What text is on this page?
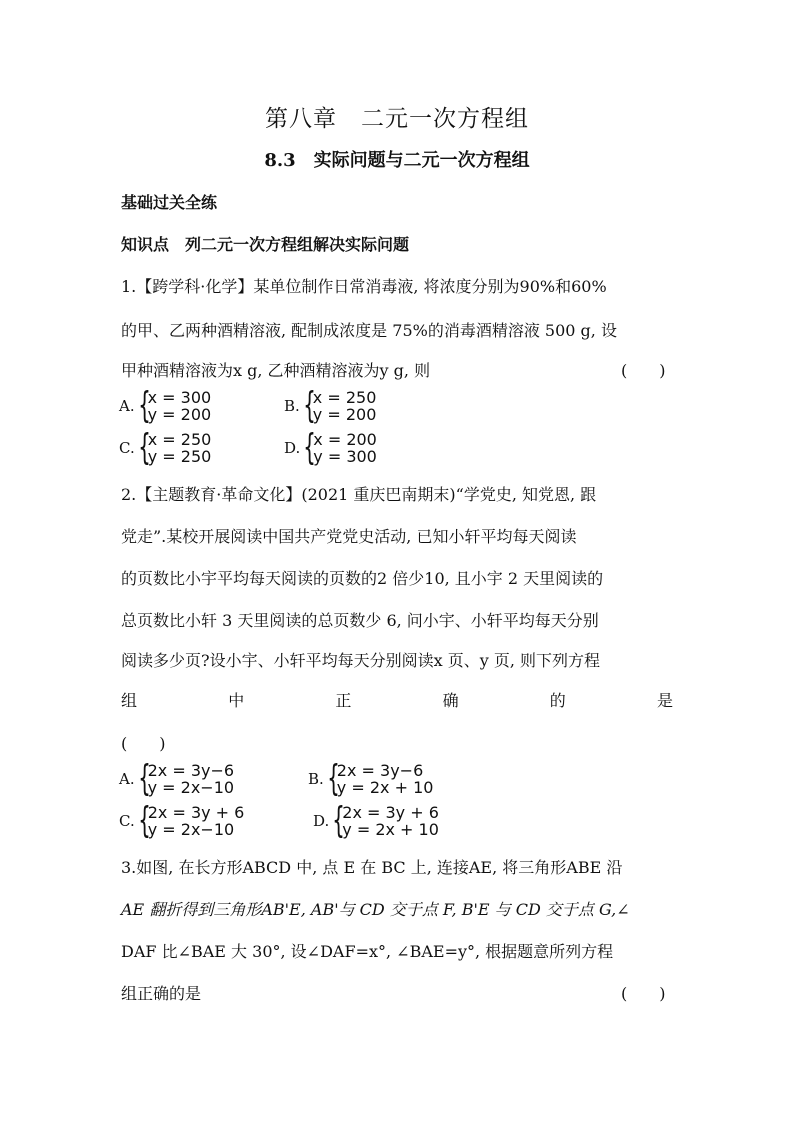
第八章　二元一次方程组
8.3　实际问题与二元一次方程组
基础过关全练
知识点　列二元一次方程组解决实际问题
1.【跨学科·化学】某单位制作日常消毒液, 将浓度分别为90%和60%
的甲、乙两种酒精溶液, 配制成浓度是 75%的消毒酒精溶液 500 g, 设
甲种酒精溶液为x g, 乙种酒精溶液为y g, 则	(　　)
A. {
x = 300
y = 200	B. {
x = 250
y = 200
C. {
x = 250
y = 250	D. {
x = 200
y = 300
2.【主题教育·革命文化】(2021 重庆巴南期末)“学党史, 知党恩, 跟
党走”.某校开展阅读中国共产党党史活动, 已知小轩平均每天阅读
的页数比小宇平均每天阅读的页数的2 倍少10, 且小宇 2 天里阅读的
总页数比小轩 3 天里阅读的总页数少 6, 问小宇、小轩平均每天分别
阅读多少页?设小宇、小轩平均每天分别阅读x 页、y 页, 则下列方程
组	中	正	确	的	是
(　　)
A. {
2x = 3y−6
y = 2x−10	B. {
2x = 3y−6
y = 2x + 10
C. {
2x = 3y + 6
y = 2x−10	D. {
2x = 3y + 6
y = 2x + 10
3.如图, 在长方形ABCD 中, 点 E 在 BC 上, 连接AE, 将三角形ABE 沿
AE 翻折得到三角形AB'E, AB'与 CD 交于点 F, B'E 与 CD 交于点 G,∠
DAF 比∠BAE 大 30°, 设∠DAF=x°, ∠BAE=y°, 根据题意所列方程
组正确的是	(　　)
